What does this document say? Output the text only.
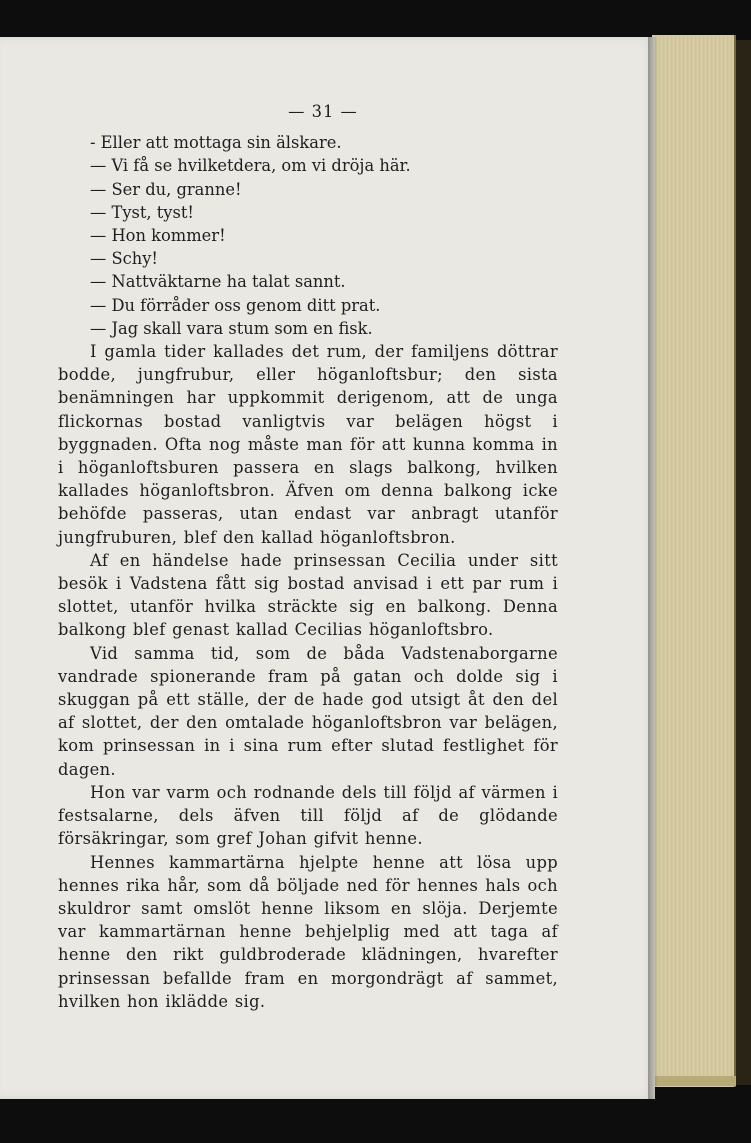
— 31 —
- Eller att mottaga sin älskare.
— Vi få se hvilketdera, om vi dröja här.
— Ser du, granne!
— Tyst, tyst!
— Hon kommer!
— Schy!
— Nattväktarne ha talat sannt.
— Du förråder oss genom ditt prat.
— Jag skall vara stum som en fisk.

I gamla tider kallades det rum, der familjens döttrar bodde, jungfrubur, eller höganloftsbur; den sista benämningen har uppkommit derigenom, att de unga flickornas bostad vanligtvis var belägen högst i byggnaden. Ofta nog måste man för att kunna komma in i höganloftsburen passera en slags balkong, hvilken kallades höganloftsbron. Äfven om denna balkong icke behöfde passeras, utan endast var anbragt utanför jungfruburen, blef den kallad höganloftsbron.

Af en händelse hade prinsessan Cecilia under sitt besök i Vadstena fått sig bostad anvisad i ett par rum i slottet, utanför hvilka sträckte sig en balkong. Denna balkong blef genast kallad Cecilias höganloftsbro.

Vid samma tid, som de båda Vadstenaborgarne vandrade spionerande fram på gatan och dolde sig i skuggan på ett ställe, der de hade god utsigt åt den del af slottet, der den omtalade höganloftsbron var belägen, kom prinsessan in i sina rum efter slutad festlighet för dagen.

Hon var varm och rodnande dels till följd af värmen i festsalarne, dels äfven till följd af de glödande försäkringar, som gref Johan gifvit henne.

Hennes kammartärna hjelpte henne att lösa upp hennes rika hår, som då böljade ned för hennes hals och skuldror samt omslöt henne liksom en slöja. Derjemte var kammartärnan henne behjelplig med att taga af henne den rikt guldbroderade klädningen, hvarefter prinsessan befallde fram en morgondrägt af sammet, hvilken hon iklädde sig.
